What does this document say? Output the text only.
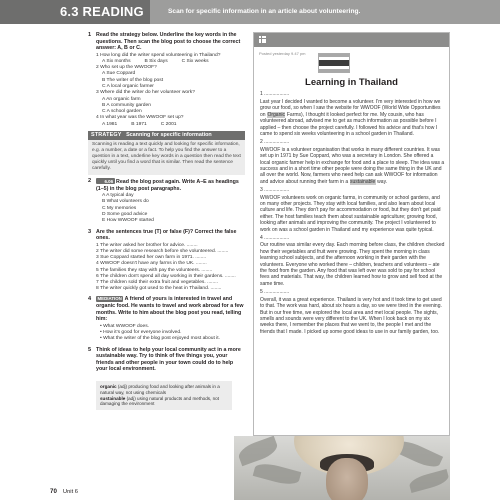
6.3 READING	Scan for specific information in an article about volunteering.
1 Read the strategy below. Underline the key words in the questions. Then scan the blog post to choose the correct answer: A, B or C.
1 How long did the writer spend volunteering in Thailand?
A Six months	B Six days	C Six weeks
2 Who set up the WWOOF?
A Sue Coppard
B The writer of the blog post
C A local organic farmer
3 Where did the writer do her volunteer work?
A An organic farm
B A community garden
C A school garden
4 In what year was the WWOOF set up?
A 1981	B 1971	C 2001
STRATEGY Scanning for specific information
Scanning is reading a text quickly and looking for specific information, e.g. a number, a date or a fact. To help you find the answer to a question in a text, underline key words in a question then read the text quickly until you find a word that is similar. Then read the sentence carefully.
2	6.06 Read the blog post again. Write A–E as headings (1–5) in the blog post paragraphs.
A A typical day
B What volunteers do
C My memories
D Some good advice
E How WWOOF started
3 Are the sentences true (T) or false (F)? Correct the false ones.
1 The writer asked her brother for advice. ........
2 The writer did some research before she volunteered. ........
3 Sue Coppard started her own farm in 1971. ........
4 WWOOF doesn't have any farms in the UK. ........
5 The families they stay with pay the volunteers. ........
6 The children don't spend all day working in their gardens. ........
7 The children sold their extra fruit and vegetables. ........
8 The writer quickly got used to the heat in Thailand. ........
4	MEDIATION A friend of yours is interested in travel and organic food. He wants to travel and work abroad for a few months. Write to him about the blog post you read, telling him:
• What WWOOF does.
• How it's good for everyone involved.
• What the writer of the blog post enjoyed most about it.
5 Think of ideas to help your local community act in a more sustainable way. Try to think of five things you, your friends and other people in your town could do to help your local environment.
organic (adj) producing food and looking after animals in a natural way, not using chemicals
sustainable (adj) using natural products and methods, not damaging the environment
70 Unit 6
Posted yesterday 9.47 pm
Learning in Thailand

1 ..................

Last year I decided I wanted to become a volunteer. I'm very interested in how we grow our food, so when I saw the website for WWOOF (World Wide Opportunities on Organic Farms), I thought it looked perfect for me. My cousin, who has volunteered abroad, advised me to get as much information as possible before I applied – then choose the project carefully. I followed his advice and that's how I came to spend six weeks volunteering in a school garden in Thailand.

2 ..................

WWOOF is a volunteer organisation that works in many different countries. It was set up in 1971 by Sue Coppard, who was a secretary in London. She offered a local organic farmer help in exchange for food and a place to sleep. The idea was a success and in a short time other people were doing the same thing in the UK and all over the world. Now, farmers who need help can ask WWOOF for information and advice about running their farm in a sustainable way.

3 ..................

WWOOF volunteers work on organic farms, in community or school gardens, and on many other projects. They stay with local families, and also learn about local culture and life. They don't pay for accommodation or food, but they don't get paid either. The host families teach them about sustainable agriculture; growing food, looking after animals and improving the community. The project I volunteered to work on was a school garden in Thailand and my experience was quite typical.

4 ..................

Our routine was similar every day. Each morning before class, the children checked how their vegetables and fruit were growing. They spent the morning in class learning school subjects, and the afternoon working in their garden with the volunteers. Everyone who worked there – children, teachers and volunteers – ate the food from the garden. Any food that was left over was sold to pay for school fees and materials. That way, the children learned how to grow and sell food at the same time.

5 ..................

Overall, it was a great experience. Thailand is very hot and it took time to get used to that. The work was hard, about six hours a day, so we were tired in the evening. But in our free time, we explored the local area and met local people. The sights, smells and sounds were very different to the UK. When I look back on my six weeks there, I remember the places that we went to, the people I met and the friends that I made. I picked up some good ideas to use in our family garden, too.
